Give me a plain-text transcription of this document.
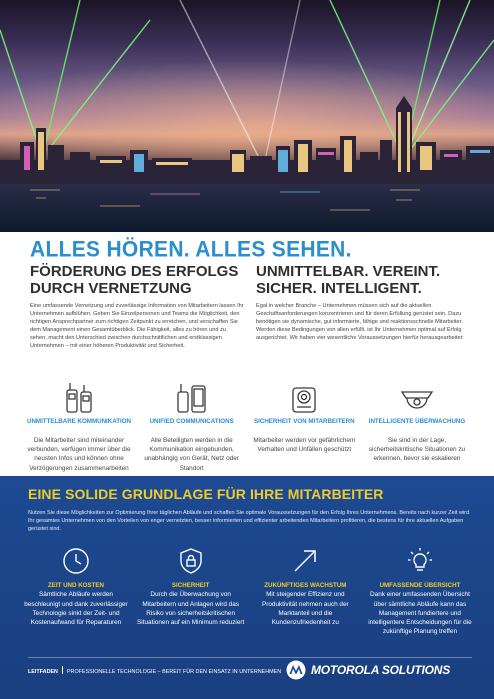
ALLES HÖREN. ALLES SEHEN.
FÖRDERUNG DES ERFOLGS
DURCH VERNETZUNG
Eine umfassende Vernetzung und zuverlässige Information von Mitarbeitern lassen Ihr Unternehmen aufblühen. Geben Sie Einzelpersonen und Teams die Möglichkeit, den richtigen Ansprechpartner zum richtigen Zeitpunkt zu erreichen, und verschaffen Sie dem Management einen Gesamtüberblick. Die Fähigkeit, alles zu hören und zu sehen, macht den Unterschied zwischen durchschnittlichen und erstklassigen Unternehmen – mit einer höheren Produktivität und Sicherheit.
UNMITTELBAR. VEREINT.
SICHER. INTELLIGENT.
Egal in welcher Branche – Unternehmen müssen sich auf die aktuellen Geschäftsanforderungen konzentrieren und für deren Erfüllung gerüstet sein. Dazu benötigen sie dynamische, gut informierte, fähige und reaktionsschnelle Mitarbeiter. Werden diese Bedingungen von allen erfüllt, ist Ihr Unternehmen optimal auf Erfolg ausgerichtet. Wir haben vier wesentliche Voraussetzungen hierfür herausgearbeitet:
UNMITTELBARE KOMMUNIKATION
Die Mitarbeiter sind miteinander verbunden, verfügen immer über die neusten Infos und können ohne Verzögerungen zusammenarbeiten
UNIFIED COMMUNICATIONS
Alle Beteiligten werden in die Kommunikation eingebunden, unabhängig von Gerät, Netz oder Standort
SICHERHEIT VON MITARBEITERN
Mitarbeiter werden vor gefährlichem Verhalten und Unfällen geschützt
INTELLIGENTE ÜBERWACHUNG
Sie sind in der Lage, sicherheitskritische Situationen zu erkennen, bevor sie eskalieren
EINE SOLIDE GRUNDLAGE FÜR IHRE MITARBEITER
Nutzen Sie diese Möglichkeiten zur Optimierung Ihrer täglichen Abläufe und schaffen Sie optimale Voraussetzungen für den Erfolg Ihres Unternehmens. Bereits nach kurzer Zeit wird Ihr gesamtes Unternehmen von den Vorteilen von enger vernetzten, besser informierten und effizienter arbeitenden Mitarbeitern profitieren, die bestens für ihre aktuellen Aufgaben gerüstet sind.
ZEIT UND KOSTEN
Sämtliche Abläufe werden beschleunigt und dank zuverlässiger Technologie sinkt der Zeit- und Kostenaufwand für Reparaturen
SICHERHEIT
Durch die Überwachung von Mitarbeitern und Anlagen wird das Risiko von sicherheitskritischen Situationen auf ein Minimum reduziert
ZUKÜNFTIGES WACHSTUM
Mit steigender Effizienz und Produktivität nehmen auch der Marktanteil und die Kundenzufriedenheit zu
UMFASSENDE ÜBERSICHT
Dank einer umfassenden Übersicht über sämtliche Abläufe kann das Management fundiertere und intelligentere Entscheidungen für die zukünftige Planung treffen
LEITFADEN PROFESSIONELLE TECHNOLOGIE – BEREIT FÜR DEN EINSATZ IN UNTERNEHMEN MOTOROLA SOLUTIONS
